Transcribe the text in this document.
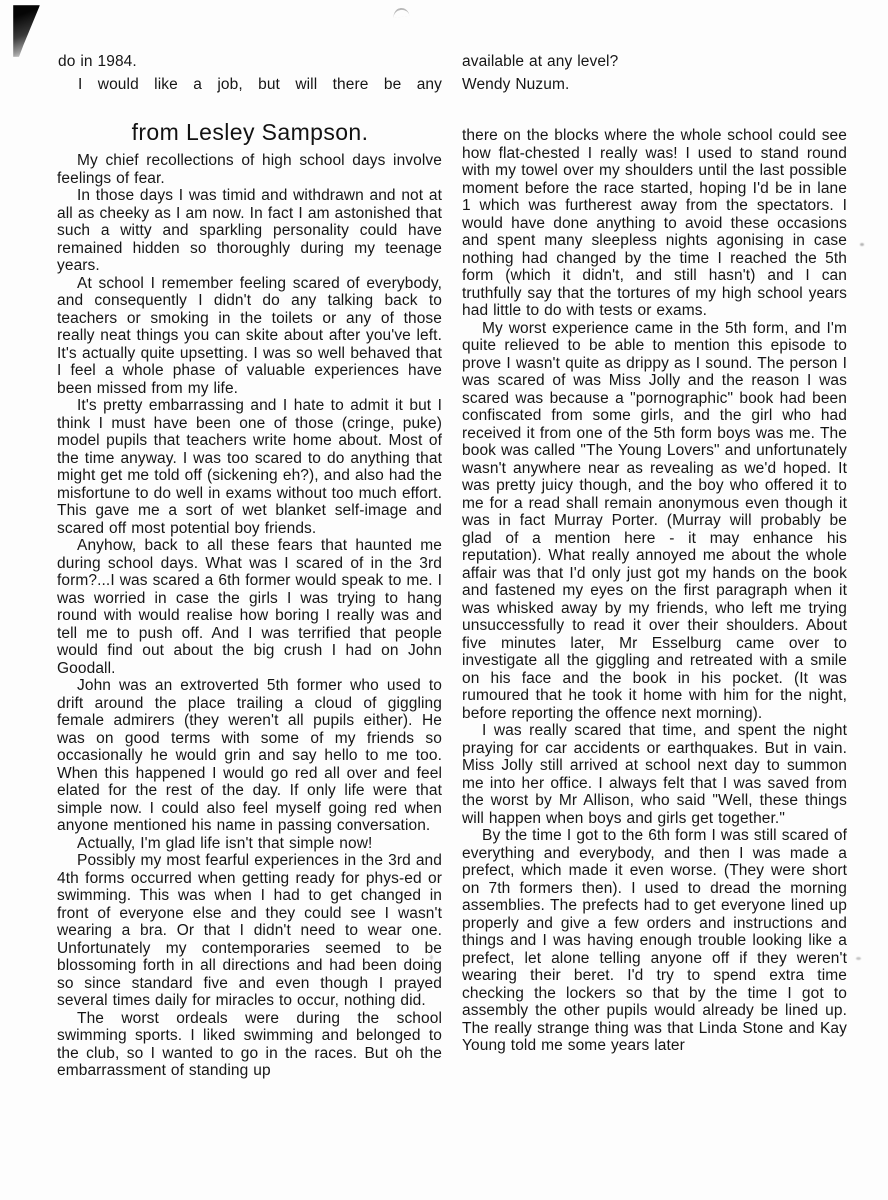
do in 1984.

I would like a job, but will there be any

available at any level?

Wendy Nuzum.

from Lesley Sampson.

My chief recollections of high school days involve feelings of fear.

In those days I was timid and withdrawn and not at all as cheeky as I am now. In fact I am astonished that such a witty and sparkling personality could have remained hidden so thoroughly during my teenage years.

At school I remember feeling scared of everybody, and consequently I didn't do any talking back to teachers or smoking in the toilets or any of those really neat things you can skite about after you've left. It's actually quite upsetting. I was so well behaved that I feel a whole phase of valuable experiences have been missed from my life.

It's pretty embarrassing and I hate to admit it but I think I must have been one of those (cringe, puke) model pupils that teachers write home about. Most of the time anyway. I was too scared to do anything that might get me told off (sickening eh?), and also had the misfortune to do well in exams without too much effort. This gave me a sort of wet blanket self-image and scared off most potential boy friends.

Anyhow, back to all these fears that haunted me during school days. What was I scared of in the 3rd form?...I was scared a 6th former would speak to me. I was worried in case the girls I was trying to hang round with would realise how boring I really was and tell me to push off. And I was terrified that people would find out about the big crush I had on John Goodall.

John was an extroverted 5th former who used to drift around the place trailing a cloud of giggling female admirers (they weren't all pupils either). He was on good terms with some of my friends so occasionally he would grin and say hello to me too. When this happened I would go red all over and feel elated for the rest of the day. If only life were that simple now. I could also feel myself going red when anyone mentioned his name in passing conversation.

Actually, I'm glad life isn't that simple now!

Possibly my most fearful experiences in the 3rd and 4th forms occurred when getting ready for phys-ed or swimming. This was when I had to get changed in front of everyone else and they could see I wasn't wearing a bra. Or that I didn't need to wear one. Unfortunately my contemporaries seemed to be blossoming forth in all directions and had been doing so since standard five and even though I prayed several times daily for miracles to occur, nothing did.

The worst ordeals were during the school swimming sports. I liked swimming and belonged to the club, so I wanted to go in the races. But oh the embarrassment of standing up

there on the blocks where the whole school could see how flat-chested I really was! I used to stand round with my towel over my shoulders until the last possible moment before the race started, hoping I'd be in lane 1 which was furtherest away from the spectators. I would have done anything to avoid these occasions and spent many sleepless nights agonising in case nothing had changed by the time I reached the 5th form (which it didn't, and still hasn't) and I can truthfully say that the tortures of my high school years had little to do with tests or exams.

My worst experience came in the 5th form, and I'm quite relieved to be able to mention this episode to prove I wasn't quite as drippy as I sound. The person I was scared of was Miss Jolly and the reason I was scared was because a "pornographic" book had been confiscated from some girls, and the girl who had received it from one of the 5th form boys was me. The book was called "The Young Lovers" and unfortunately wasn't anywhere near as revealing as we'd hoped. It was pretty juicy though, and the boy who offered it to me for a read shall remain anonymous even though it was in fact Murray Porter. (Murray will probably be glad of a mention here - it may enhance his reputation). What really annoyed me about the whole affair was that I'd only just got my hands on the book and fastened my eyes on the first paragraph when it was whisked away by my friends, who left me trying unsuccessfully to read it over their shoulders. About five minutes later, Mr Esselburg came over to investigate all the giggling and retreated with a smile on his face and the book in his pocket. (It was rumoured that he took it home with him for the night, before reporting the offence next morning).

I was really scared that time, and spent the night praying for car accidents or earthquakes. But in vain. Miss Jolly still arrived at school next day to summon me into her office. I always felt that I was saved from the worst by Mr Allison, who said "Well, these things will happen when boys and girls get together."

By the time I got to the 6th form I was still scared of everything and everybody, and then I was made a prefect, which made it even worse. (They were short on 7th formers then). I used to dread the morning assemblies. The prefects had to get everyone lined up properly and give a few orders and instructions and things and I was having enough trouble looking like a prefect, let alone telling anyone off if they weren't wearing their beret. I'd try to spend extra time checking the lockers so that by the time I got to assembly the other pupils would already be lined up. The really strange thing was that Linda Stone and Kay Young told me some years later
